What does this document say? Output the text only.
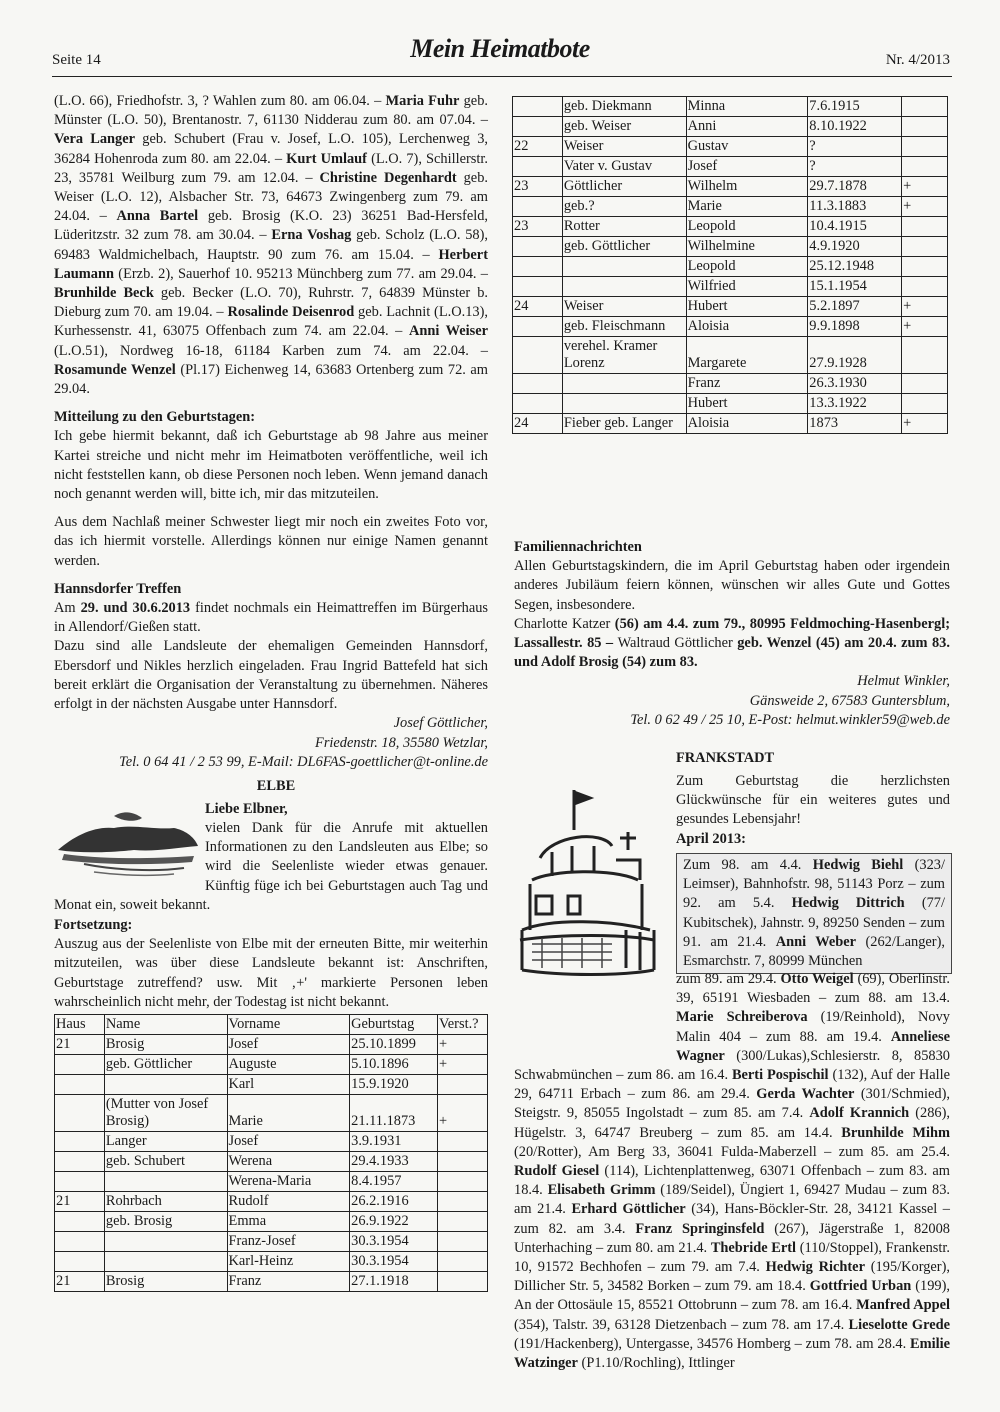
Seite 14	Mein Heimatbote	Nr. 4/2013

(L.O. 66), Friedhofstr. 3, ? Wahlen zum 80. am 06.04. – Maria Fuhr geb. Münster (L.O. 50), Brentanostr. 7, 61130 Nidderau zum 80. am 07.04. – Vera Langer geb. Schubert (Frau v. Josef, L.O. 105), Lerchenweg 3, 36284 Hohenroda zum 80. am 22.04. – Kurt Umlauf (L.O. 7), Schillerstr. 23, 35781 Weilburg zum 79. am 12.04. – Christine Degenhardt geb. Weiser (L.O. 12), Alsbacher Str. 73, 64673 Zwingenberg zum 79. am 24.04. – Anna Bartel geb. Brosig (K.O. 23) 36251 Bad-Hersfeld, Lüderitzstr. 32 zum 78. am 30.04. – Erna Voshag geb. Scholz (L.O. 58), 69483 Waldmichelbach, Hauptstr. 90 zum 76. am 15.04. – Herbert Laumann (Erzb. 2), Sauerhof 10. 95213 Münchberg zum 77. am 29.04. – Brunhilde Beck geb. Becker (L.O. 70), Ruhrstr. 7, 64839 Münster b. Dieburg zum 70. am 19.04. – Rosalinde Deisenrod geb. Lachnit (L.O.13), Kurhessenstr. 41, 63075 Offenbach zum 74. am 22.04. – Anni Weiser (L.O.51), Nordweg 16-18, 61184 Karben zum 74. am 22.04. – Rosamunde Wenzel (Pl.17) Eichenweg 14, 63683 Ortenberg zum 72. am 29.04.

Mitteilung zu den Geburtstagen:

Ich gebe hiermit bekannt, daß ich Geburtstage ab 98 Jahre aus meiner Kartei streiche und nicht mehr im Heimatboten veröffentliche, weil ich nicht feststellen kann, ob diese Personen noch leben. Wenn jemand danach noch genannt werden will, bitte ich, mir das mitzuteilen.

Aus dem Nachlaß meiner Schwester liegt mir noch ein zweites Foto vor, das ich hiermit vorstelle. Allerdings können nur einige Namen genannt werden.

Hannsdorfer Treffen

Am 29. und 30.6.2013 findet nochmals ein Heimattreffen im Bürgerhaus in Allendorf/Gießen statt.

Dazu sind alle Landsleute der ehemaligen Gemeinden Hannsdorf, Ebersdorf und Nikles herzlich eingeladen. Frau Ingrid Battefeld hat sich bereit erklärt die Organisation der Veranstaltung zu übernehmen. Näheres erfolgt in der nächsten Ausgabe unter Hannsdorf.

Josef Göttlicher,
Friedenstr. 18, 35580 Wetzlar,
Tel. 0 64 41 / 2 53 99, E-Mail: DL6FAS-goettlicher@t-online.de
ELBE
Liebe Elbner,

vielen Dank für die Anrufe mit aktuellen Informationen zu den Landsleuten aus Elbe; so wird die Seelenliste wieder etwas genauer. Künftig füge ich bei Geburtstagen auch Tag und Monat ein, soweit bekannt.

Fortsetzung:
Auszug aus der Seelenliste von Elbe mit der erneuten Bitte, mir weiterhin mitzuteilen, was über diese Landsleute bekannt ist: Anschriften, Geburtstage zutreffend? usw. Mit ‚+' markierte Personen leben wahrscheinlich nicht mehr, der Todestag ist nicht bekannt.
Haus	Name	Vorname	Geburtstag	Verst.?
21	Brosig	Josef	25.10.1899	+
	geb. Göttlicher	Auguste	5.10.1896	+
		Karl	15.9.1920	
	(Mutter von Josef Brosig)	Marie	21.11.1873	+
	Langer	Josef	3.9.1931	
	geb. Schubert	Werena	29.4.1933	
		Werena-Maria	8.4.1957	
21	Rohrbach	Rudolf	26.2.1916	
	geb. Brosig	Emma	26.9.1922	
		Franz-Josef	30.3.1954	
		Karl-Heinz	30.3.1954	
21	Brosig	Franz	27.1.1918	
	geb. Diekmann	Minna	7.6.1915	
	geb. Weiser	Anni	8.10.1922	
22	Weiser	Gustav	?	
	Vater v. Gustav	Josef	?	
23	Göttlicher	Wilhelm	29.7.1878	+
	geb.?	Marie	11.3.1883	+
23	Rotter	Leopold	10.4.1915	
	geb. Göttlicher	Wilhelmine	4.9.1920	
		Leopold	25.12.1948	
		Wilfried	15.1.1954	
24	Weiser	Hubert	5.2.1897	+
	geb. Fleischmann	Aloisia	9.9.1898	+
	verehel. Kramer Lorenz	Margarete	27.9.1928	
		Franz	26.3.1930	
		Hubert	13.3.1922	
24	Fieber geb. Langer	Aloisia	1873	+
Familiennachrichten
Allen Geburtstagskindern, die im April Geburtstag haben oder irgendein anderes Jubiläum feiern können, wünschen wir alles Gute und Gottes Segen, insbesondere.
Charlotte Katzer (56) am 4.4. zum 79., 80995 Feldmoching-Hasenbergl; Lassallestr. 85 – Waltraud Göttlicher geb. Wenzel (45) am 20.4. zum 83. und Adolf Brosig (54) zum 83.
Helmut Winkler,
Gänsweide 2, 67583 Guntersblum,
Tel. 0 62 49 / 25 10, E-Post: helmut.winkler59@web.de
FRANKSTADT
Zum Geburtstag die herzlichsten Glückwünsche für ein weiteres gutes und gesundes Lebensjahr!
April 2013:
Zum 98. am 4.4. Hedwig Biehl (323/ Leimser), Bahnhofstr. 98, 51143 Porz – zum 92. am 5.4. Hedwig Dittrich (77/ Kubitschek), Jahnstr. 9, 89250 Senden – zum 91. am 21.4. Anni Weber (262/Langer), Esmarchstr. 7, 80999 München
zum 89. am 29.4. Otto Weigel (69), Oberlinstr. 39, 65191 Wiesbaden – zum 88. am 13.4. Marie Schreiberova (19/Reinhold), Novy Malin 404 – zum 88. am 19.4. Anneliese Wagner (300/Lukas),Schlesierstr. 8, 85830 Schwabmünchen – zum 86. am 16.4. Berti Pospischil (132), Auf der Halle 29, 64711 Erbach – zum 86. am 29.4. Gerda Wachter (301/Schmied), Steigstr. 9, 85055 Ingolstadt – zum 85. am 7.4. Adolf Krannich (286), Hügelstr. 3, 64747 Breuberg – zum 85. am 14.4. Brunhilde Mihm (20/Rotter), Am Berg 33, 36041 Fulda-Maberzell – zum 85. am 25.4. Rudolf Giesel (114), Lichtenplattenweg, 63071 Offenbach – zum 83. am 18.4. Elisabeth Grimm (189/Seidel), Üngiert 1, 69427 Mudau – zum 83. am 21.4. Erhard Göttlicher (34), Hans-Böckler-Str. 28, 34121 Kassel – zum 82. am 3.4. Franz Springinsfeld (267), Jägerstraße 1, 82008 Unterhaching – zum 80. am 21.4. Thebride Ertl (110/Stoppel), Frankenstr. 10, 91572 Bechhofen – zum 79. am 7.4. Hedwig Richter (195/Korger), Dillicher Str. 5, 34582 Borken – zum 79. am 18.4. Gottfried Urban (199), An der Ottosäule 15, 85521 Ottobrunn – zum 78. am 16.4. Manfred Appel (354), Talstr. 39, 63128 Dietzenbach – zum 78. am 17.4. Lieselotte Grede (191/Hackenberg), Untergasse, 34576 Homberg – zum 78. am 28.4. Emilie Watzinger (P1.10/Rochling), Ittlinger
